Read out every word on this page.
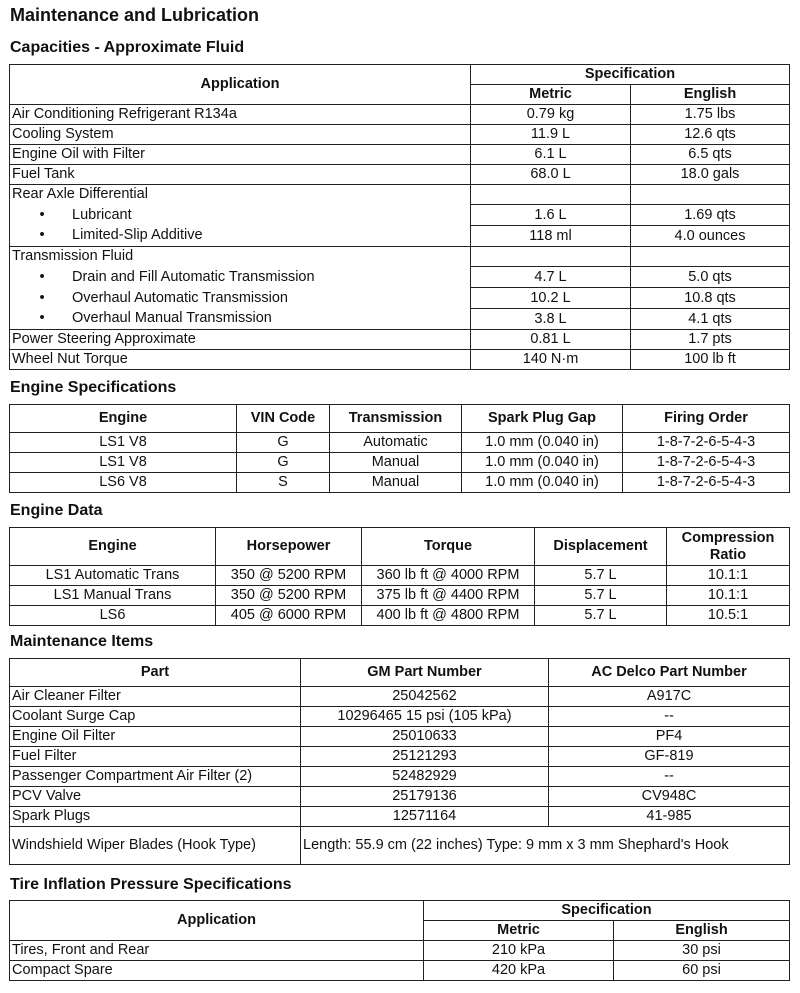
Maintenance and Lubrication
Capacities - Approximate Fluid
Application	Specification	
	Metric	English
Air Conditioning Refrigerant R134a	0.79 kg	1.75 lbs
Cooling System	11.9 L	12.6 qts
Engine Oil with Filter	6.1 L	6.5 qts
Fuel Tank	68.0 L	18.0 gals
Rear Axle Differential		
•Lubricant	1.6 L	1.69 qts
•Limited-Slip Additive	118 ml	4.0 ounces
Transmission Fluid		
•Drain and Fill Automatic Transmission	4.7 L	5.0 qts
•Overhaul Automatic Transmission	10.2 L	10.8 qts
•Overhaul Manual Transmission	3.8 L	4.1 qts
Power Steering Approximate	0.81 L	1.7 pts
Wheel Nut Torque	140 N·m	100 lb ft
Engine Specifications
Engine	VIN Code	Transmission	Spark Plug Gap	Firing Order
LS1 V8	G	Automatic	1.0 mm (0.040 in)	1-8-7-2-6-5-4-3
LS1 V8	G	Manual	1.0 mm (0.040 in)	1-8-7-2-6-5-4-3
LS6 V8	S	Manual	1.0 mm (0.040 in)	1-8-7-2-6-5-4-3
Engine Data
Engine	Horsepower	Torque	Displacement	Compression Ratio
LS1 Automatic Trans	350 @ 5200 RPM	360 lb ft @ 4000 RPM	5.7 L	10.1:1
LS1 Manual Trans	350 @ 5200 RPM	375 lb ft @ 4400 RPM	5.7 L	10.1:1
LS6	405 @ 6000 RPM	400 lb ft @ 4800 RPM	5.7 L	10.5:1
Maintenance Items
Part	GM Part Number	AC Delco Part Number
Air Cleaner Filter	25042562	A917C
Coolant Surge Cap	10296465 15 psi (105 kPa)	--
Engine Oil Filter	25010633	PF4
Fuel Filter	25121293	GF-819
Passenger Compartment Air Filter (2)	52482929	--
PCV Valve	25179136	CV948C
Spark Plugs	12571164	41-985
Windshield Wiper Blades (Hook Type)	Length: 55.9 cm (22 inches) Type: 9 mm x 3 mm Shephard's Hook	
Tire Inflation Pressure Specifications
Application	Specification	
	Metric	English
Tires, Front and Rear	210 kPa	30 psi
Compact Spare	420 kPa	60 psi
